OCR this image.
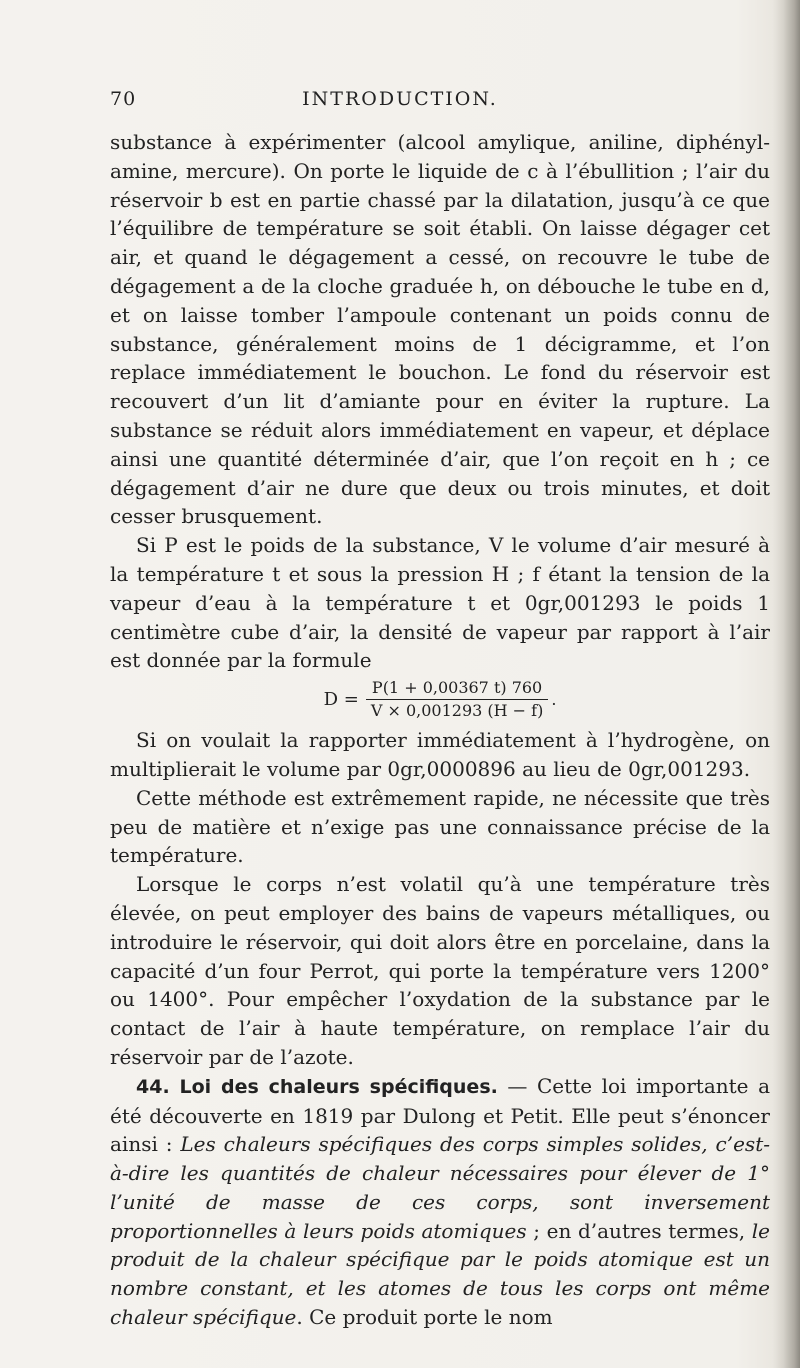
70	INTRODUCTION.

substance à expérimenter (alcool amylique, aniline, diphényl-amine, mercure). On porte le liquide de c à l’ébullition ; l’air du réservoir b est en partie chassé par la dilatation, jusqu’à ce que l’équilibre de température se soit établi. On laisse dégager cet air, et quand le dégagement a cessé, on recouvre le tube de dégagement a de la cloche graduée h, on débouche le tube en d, et on laisse tomber l’ampoule contenant un poids connu de substance, généralement moins de 1 décigramme, et l’on replace immédiatement le bouchon. Le fond du réservoir est recouvert d’un lit d’amiante pour en éviter la rupture. La substance se réduit alors immédiatement en vapeur, et déplace ainsi une quantité déterminée d’air, que l’on reçoit en h ; ce dégagement d’air ne dure que deux ou trois minutes, et doit cesser brusquement.

Si P est le poids de la substance, V le volume d’air mesuré à la température t et sous la pression H ; f étant la tension de la vapeur d’eau à la température t et 0gr,001293 le poids 1 centimètre cube d’air, la densité de vapeur par rapport à l’air est donnée par la formule

$D = \frac{P(1 + 0,00367 t) 760}{V \times 0,001293 (H - f)}$ .

Si on voulait la rapporter immédiatement à l’hydrogène, on multiplierait le volume par 0gr,0000896 au lieu de 0gr,001293.

Cette méthode est extrêmement rapide, ne nécessite que très peu de matière et n’exige pas une connaissance précise de la température.

Lorsque le corps n’est volatil qu’à une température très élevée, on peut employer des bains de vapeurs métalliques, ou introduire le réservoir, qui doit alors être en porcelaine, dans la capacité d’un four Perrot, qui porte la température vers 1200° ou 1400°. Pour empêcher l’oxydation de la substance par le contact de l’air à haute température, on remplace l’air du réservoir par de l’azote.

44. Loi des chaleurs spécifiques. — Cette loi importante a été découverte en 1819 par Dulong et Petit. Elle peut s’énoncer ainsi : Les chaleurs spécifiques des corps simples solides, c’est-à-dire les quantités de chaleur nécessaires pour élever de 1° l’unité de masse de ces corps, sont inversement proportionnelles à leurs poids atomiques ; en d’autres termes, le produit de la chaleur spécifique par le poids atomique est un nombre constant, et les atomes de tous les corps ont même chaleur spécifique. Ce produit porte le nom
